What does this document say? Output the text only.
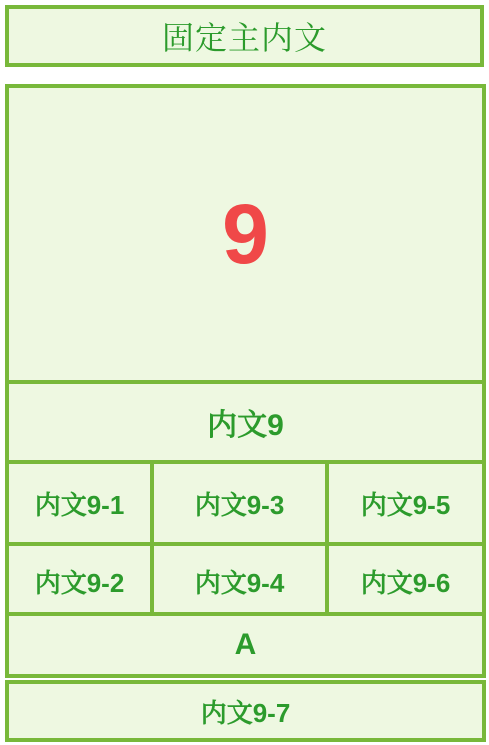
固定主内文
9
内文9
内文9-1	内文9-3	内文9-5
内文9-2	内文9-4	内文9-6
A
内文9-7
